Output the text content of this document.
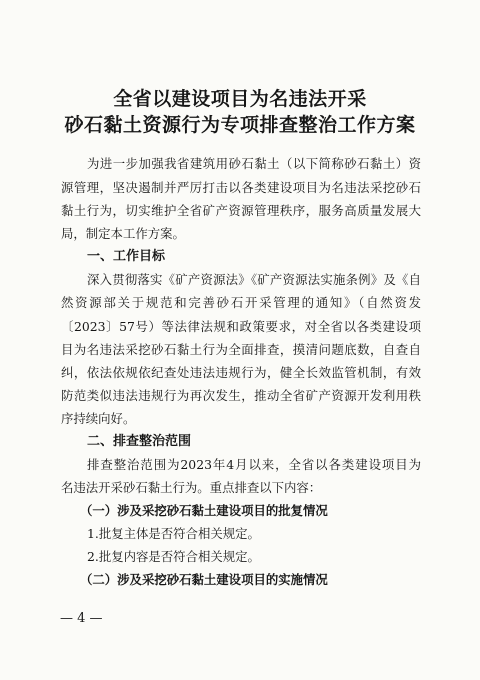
全省以建设项目为名违法开采
砂石黏土资源行为专项排查整治工作方案

为进一步加强我省建筑用砂石黏土（以下简称砂石黏土）资

源管理，坚决遏制并严厉打击以各类建设项目为名违法采挖砂石

黏土行为，切实维护全省矿产资源管理秩序，服务高质量发展大

局，制定本工作方案。

一、工作目标

深入贯彻落实《矿产资源法》《矿产资源法实施条例》及《自

然资源部关于规范和完善砂石开采管理的通知》（自然资发

〔2023〕57号）等法律法规和政策要求，对全省以各类建设项

目为名违法采挖砂石黏土行为全面排查，摸清问题底数，自查自

纠，依法依规依纪查处违法违规行为，健全长效监管机制，有效

防范类似违法违规行为再次发生，推动全省矿产资源开发利用秩

序持续向好。

二、排查整治范围

排查整治范围为2023年4月以来，全省以各类建设项目为

名违法开采砂石黏土行为。重点排查以下内容：

（一）涉及采挖砂石黏土建设项目的批复情况

1.批复主体是否符合相关规定。

2.批复内容是否符合相关规定。

（二）涉及采挖砂石黏土建设项目的实施情况

— 4 —
